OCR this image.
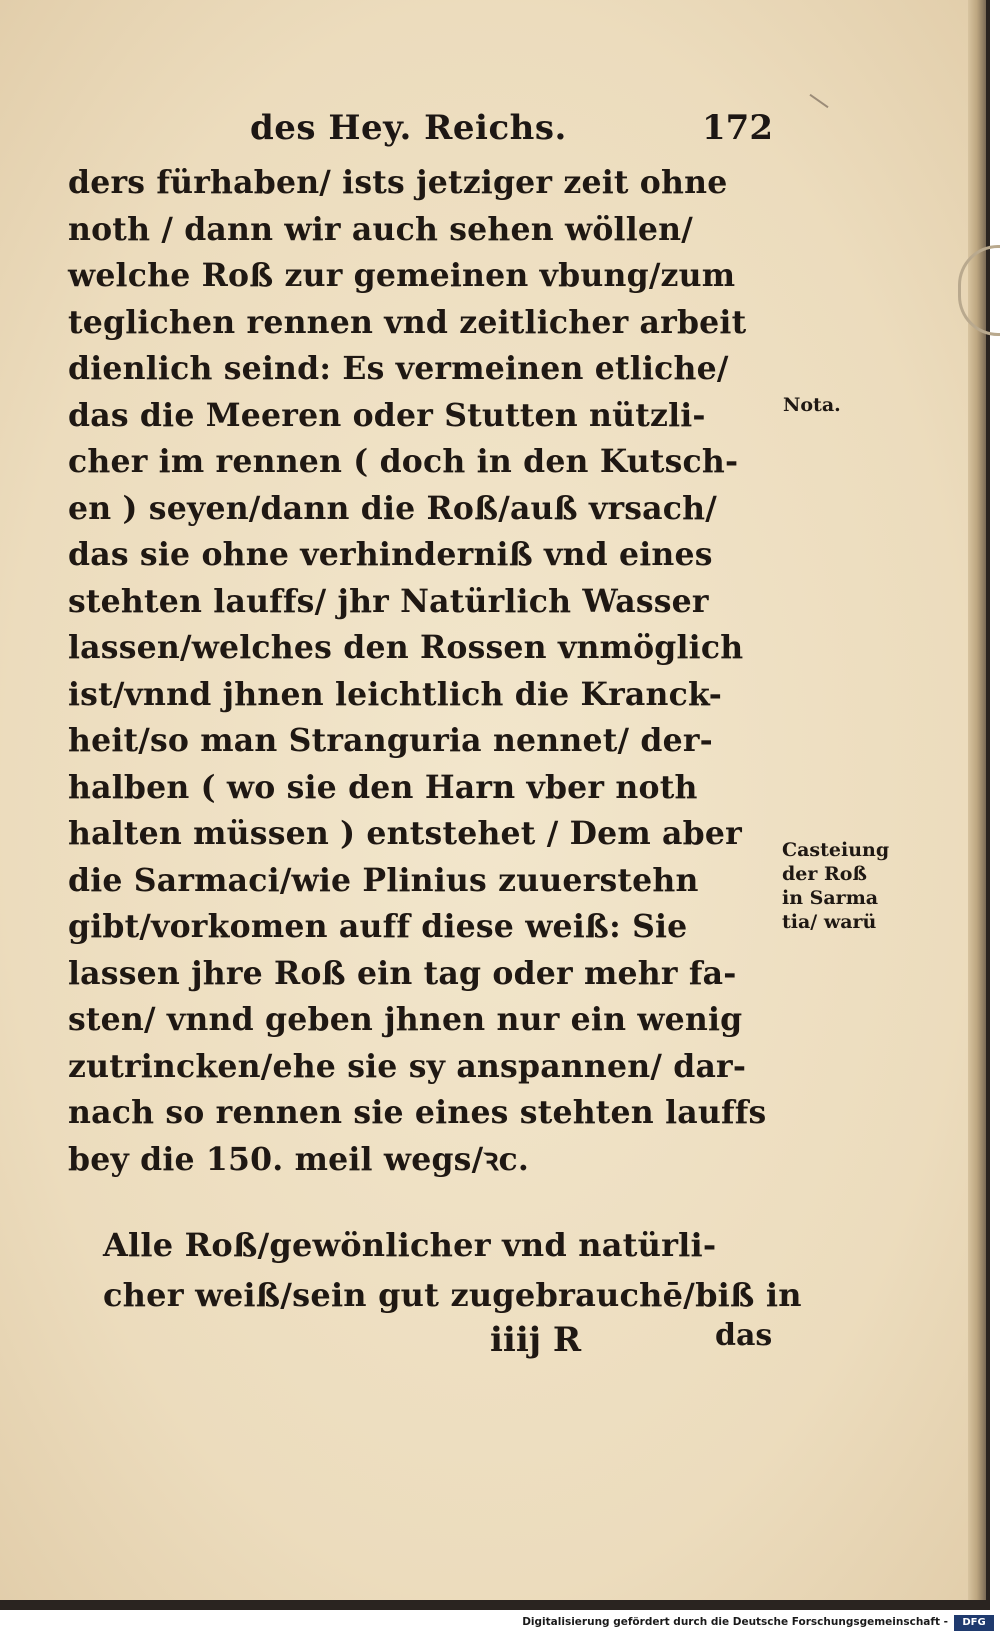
des Hey. Reichs.	172
ders fürhaben/ ists jetziger zeit ohne
noth / dann wir auch sehen wöllen/
welche Roß zur gemeinen vbung/zum
teglichen rennen vnd zeitlicher arbeit
dienlich seind: Es vermeinen etliche/
das die Meeren oder Stutten nützli-
cher im rennen ( doch in den Kutsch-
en ) seyen/dann die Roß/auß vrsach/
das sie ohne verhinderniß vnd eines
stehten lauffs/ jhr Natürlich Wasser
lassen/welches den Rossen vnmöglich
ist/vnnd jhnen leichtlich die Kranck-
heit/so man Stranguria nennet/ der-
halben ( wo sie den Harn vber noth
halten müssen ) entstehet / Dem aber
die Sarmaci/wie Plinius zuuerstehn
gibt/vorkomen auff diese weiß: Sie
lassen jhre Roß ein tag oder mehr fa-
sten/ vnnd geben jhnen nur ein wenig
zutrincken/ehe sie sy anspannen/ dar-
nach so rennen sie eines stehten lauffs
bey die 150. meil wegs/ꝛc.
Alle Roß/gewönlicher vnd natürli-
cher weiß/sein gut zugebrauchē/biß in
iiij R	das
Nota.
Casteiung
der Roß
in Sarma
tia/ warü
Digitalisierung gefördert durch die Deutsche Forschungsgemeinschaft -	DFG
